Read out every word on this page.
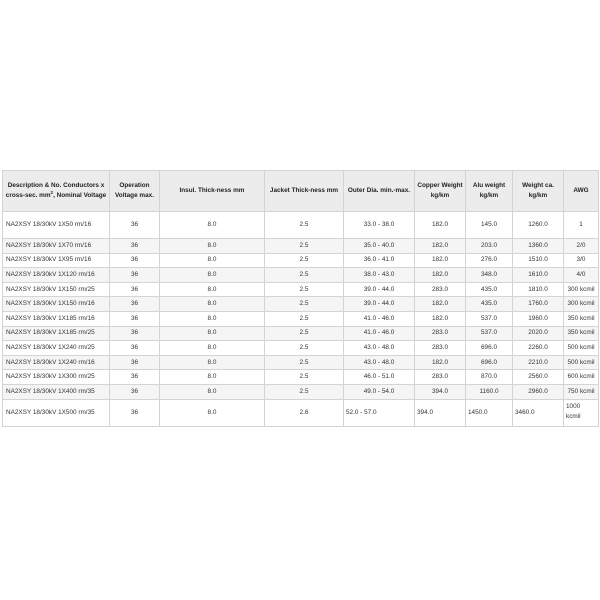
Description & No. Conductors x cross-sec. $mm^2$, Nominal Voltage	Operation Voltage max.	Insul. Thick-ness mm	Jacket Thick-ness mm	Outer Dia. min.-max.	Copper Weight kg/km	Alu weight kg/km	Weight ca. kg/km	AWG
NA2XSY 18/30kV 1X50 rm/16	36	8.0	2.5	33.0 - 38.0	182.0	145.0	1260.0	1
NA2XSY 18/30kV 1X70 rm/16	36	8.0	2.5	35.0 - 40.0	182.0	203.0	1360.0	2/0
NA2XSY 18/30kV 1X95 rm/16	36	8.0	2.5	36.0 - 41.0	182.0	276.0	1510.0	3/0
NA2XSY 18/30kV 1X120 rm/16	36	8.0	2.5	38.0 - 43.0	182.0	348.0	1610.0	4/0
NA2XSY 18/30kV 1X150 rm/25	36	8.0	2.5	39.0 - 44.0	283.0	435.0	1810.0	300 kcmil
NA2XSY 18/30kV 1X150 rm/16	36	8.0	2.5	39.0 - 44.0	182.0	435.0	1760.0	300 kcmil
NA2XSY 18/30kV 1X185 rm/16	36	8.0	2.5	41.0 - 46.0	182.0	537.0	1960.0	350 kcmil
NA2XSY 18/30kV 1X185 rm/25	36	8.0	2.5	41.0 - 46.0	283.0	537.0	2020.0	350 kcmil
NA2XSY 18/30kV 1X240 rm/25	36	8.0	2.5	43.0 - 48.0	283.0	696.0	2260.0	500 kcmil
NA2XSY 18/30kV 1X240 rm/16	36	8.0	2.5	43.0 - 48.0	182.0	696.0	2210.0	500 kcmil
NA2XSY 18/30kV 1X300 rm/25	36	8.0	2.5	46.0 - 51.0	283.0	870.0	2560.0	600 kcmil
NA2XSY 18/30kV 1X400 rm/35	36	8.0	2.5	49.0 - 54.0	394.0	1160.0	2960.0	750 kcmil
NA2XSY 18/30kV 1X500 rm/35	36	8.0	2.6	52.0 - 57.0	394.0	1450.0	3460.0	1000 kcmil
